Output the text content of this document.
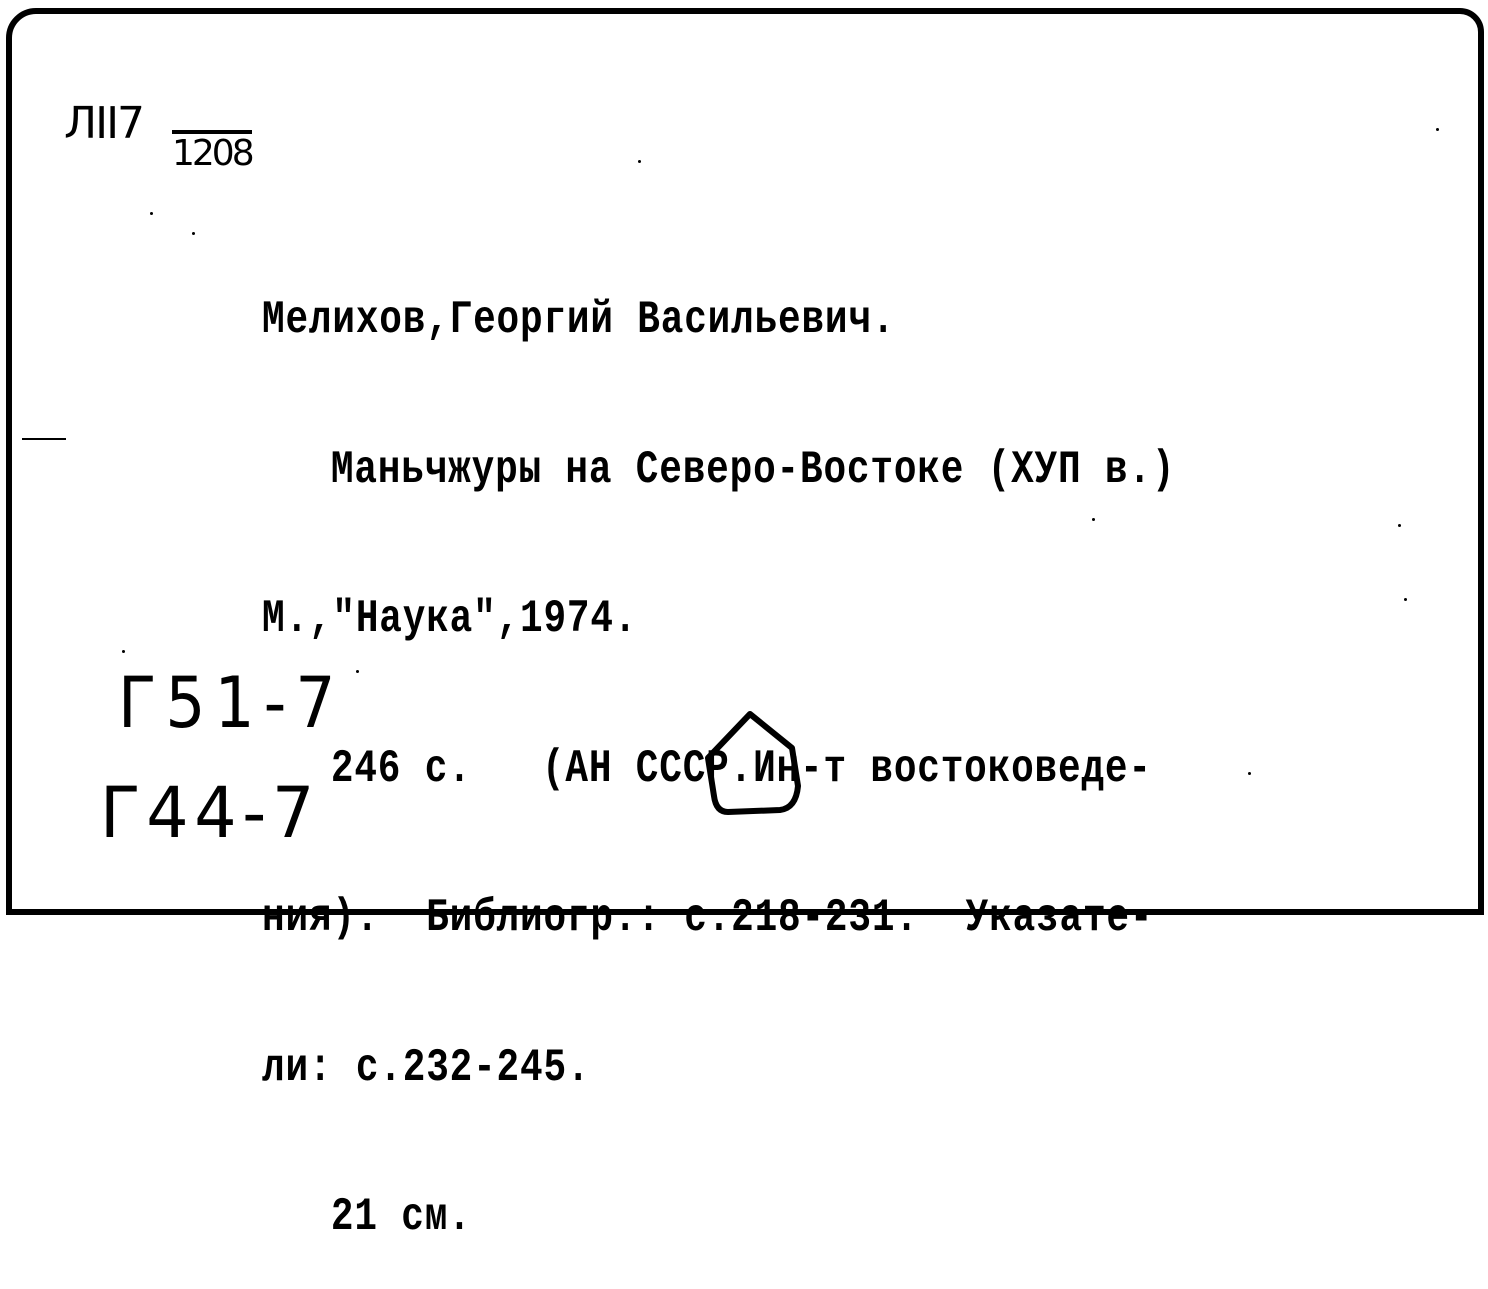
ЛII7
1208

Мелихов,Георгий Васильевич.

Маньчжуры на Северо-Востоке (ХУП в.)

М.,"Наука",1974.

246 с.   (АН СССР.Ин-т востоковеде-

ния).  Библиогр.: с.218-231.  Указате-

ли: с.232-245.

21 см.

Г51-7
Г44-7
